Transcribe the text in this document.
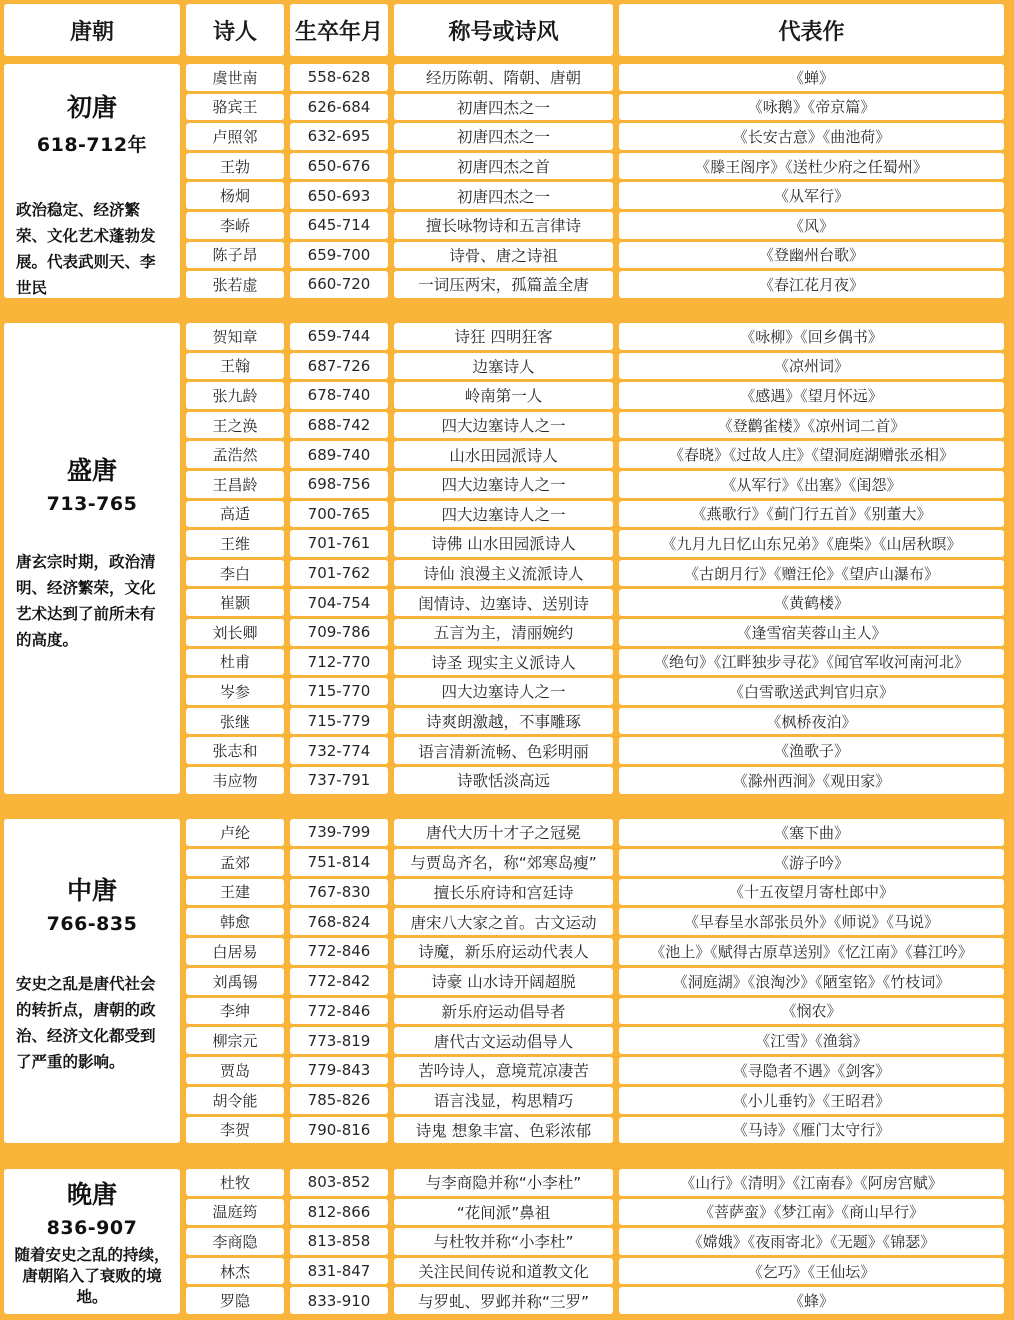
唐朝	诗人	生卒年月	称号或诗风	代表作
初唐
618-712年
政治稳定、经济繁荣、文化艺术蓬勃发展。代表武则天、李世民
虞世南	558-628	经历陈朝、隋朝、唐朝	《蝉》
骆宾王	626-684	初唐四杰之一	《咏鹅》《帝京篇》
卢照邻	632-695	初唐四杰之一	《长安古意》《曲池荷》
王勃	650-676	初唐四杰之首	《滕王阁序》《送杜少府之任蜀州》
杨炯	650-693	初唐四杰之一	《从军行》
李峤	645-714	擅长咏物诗和五言律诗	《风》
陈子昂	659-700	诗骨、唐之诗祖	《登幽州台歌》
张若虚	660-720	一词压两宋，孤篇盖全唐	《春江花月夜》
盛唐
713-765
唐玄宗时期，政治清明、经济繁荣，文化艺术达到了前所未有的高度。
贺知章	659-744	诗狂 四明狂客	《咏柳》《回乡偶书》
王翰	687-726	边塞诗人	《凉州词》
张九龄	678-740	岭南第一人	《感遇》《望月怀远》
王之涣	688-742	四大边塞诗人之一	《登鹳雀楼》《凉州词二首》
孟浩然	689-740	山水田园派诗人	《春晓》《过故人庄》《望洞庭湖赠张丞相》
王昌龄	698-756	四大边塞诗人之一	《从军行》《出塞》《闺怨》
高适	700-765	四大边塞诗人之一	《燕歌行》《蓟门行五首》《别董大》
王维	701-761	诗佛 山水田园派诗人	《九月九日忆山东兄弟》《鹿柴》《山居秋暝》
李白	701-762	诗仙 浪漫主义流派诗人	《古朗月行》《赠汪伦》《望庐山瀑布》
崔颢	704-754	闺情诗、边塞诗、送别诗	《黄鹤楼》
刘长卿	709-786	五言为主，清丽婉约	《逢雪宿芙蓉山主人》
杜甫	712-770	诗圣 现实主义派诗人	《绝句》《江畔独步寻花》《闻官军收河南河北》
岑参	715-770	四大边塞诗人之一	《白雪歌送武判官归京》
张继	715-779	诗爽朗激越，不事雕琢	《枫桥夜泊》
张志和	732-774	语言清新流畅、色彩明丽	《渔歌子》
韦应物	737-791	诗歌恬淡高远	《滁州西涧》《观田家》
中唐
766-835
安史之乱是唐代社会的转折点，唐朝的政治、经济文化都受到了严重的影响。
卢纶	739-799	唐代大历十才子之冠冕	《塞下曲》
孟郊	751-814	与贾岛齐名，称“郊寒岛瘦”	《游子吟》
王建	767-830	擅长乐府诗和宫廷诗	《十五夜望月寄杜郎中》
韩愈	768-824	唐宋八大家之首。古文运动	《早春呈水部张员外》《师说》《马说》
白居易	772-846	诗魔，新乐府运动代表人	《池上》《赋得古原草送别》《忆江南》《暮江吟》
刘禹锡	772-842	诗豪 山水诗开阔超脱	《洞庭湖》《浪淘沙》《陋室铭》《竹枝词》
李绅	772-846	新乐府运动倡导者	《悯农》
柳宗元	773-819	唐代古文运动倡导人	《江雪》《渔翁》
贾岛	779-843	苦吟诗人，意境荒凉凄苦	《寻隐者不遇》《剑客》
胡令能	785-826	语言浅显，构思精巧	《小儿垂钓》《王昭君》
李贺	790-816	诗鬼 想象丰富、色彩浓郁	《马诗》《雁门太守行》
晚唐
836-907
随着安史之乱的持续，唐朝陷入了衰败的境地。
杜牧	803-852	与李商隐并称“小李杜”	《山行》《清明》《江南春》《阿房宫赋》
温庭筠	812-866	“花间派”鼻祖	《菩萨蛮》《梦江南》《商山早行》
李商隐	813-858	与杜牧并称“小李杜”	《嫦娥》《夜雨寄北》《无题》《锦瑟》
林杰	831-847	关注民间传说和道教文化	《乞巧》《王仙坛》
罗隐	833-910	与罗虬、罗邺并称“三罗”	《蜂》
